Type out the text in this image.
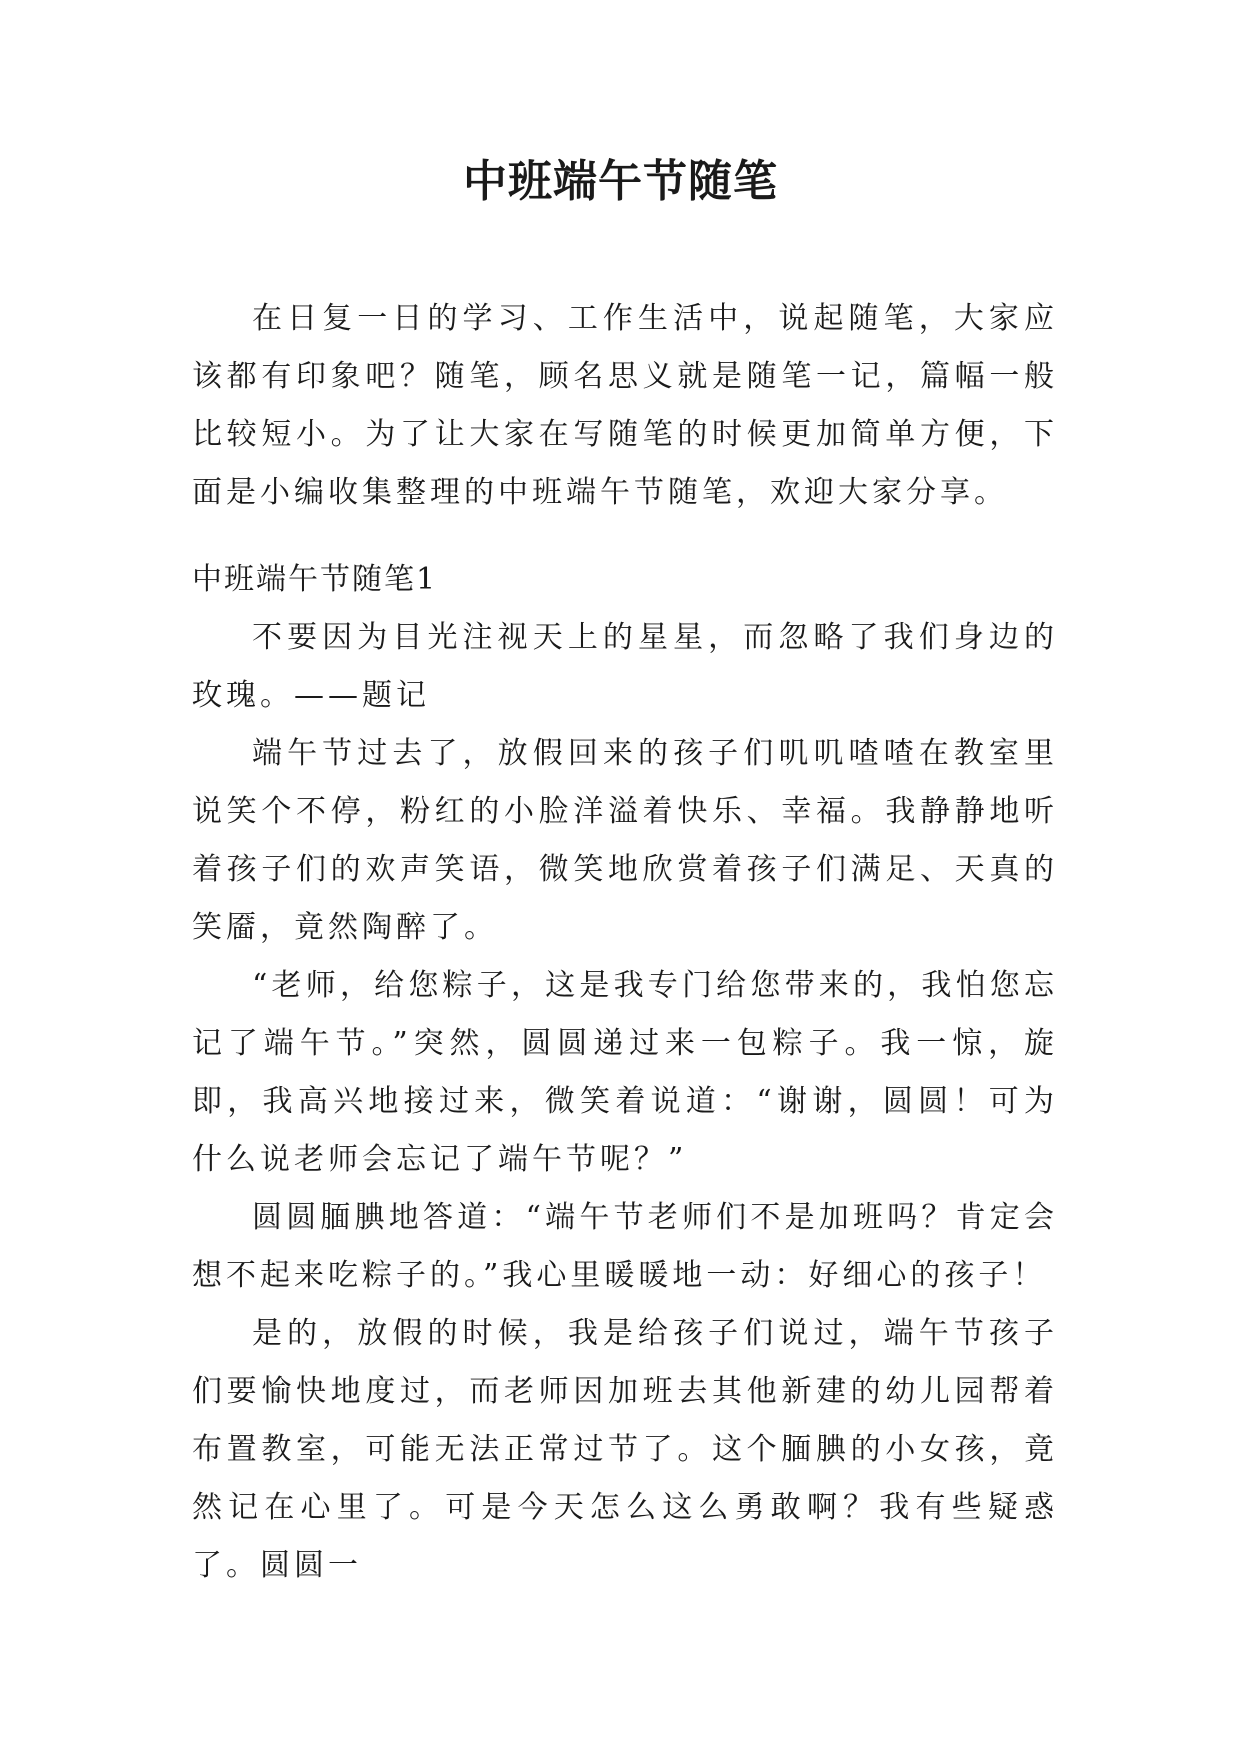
中班端午节随笔

在日复一日的学习、工作生活中，说起随笔，大家应该都有印象吧？随笔，顾名思义就是随笔一记，篇幅一般比较短小。为了让大家在写随笔的时候更加简单方便，下面是小编收集整理的中班端午节随笔，欢迎大家分享。

中班端午节随笔1

不要因为目光注视天上的星星，而忽略了我们身边的玫瑰。——题记

端午节过去了，放假回来的孩子们叽叽喳喳在教室里说笑个不停，粉红的小脸洋溢着快乐、幸福。我静静地听着孩子们的欢声笑语，微笑地欣赏着孩子们满足、天真的笑靥，竟然陶醉了。

“老师，给您粽子，这是我专门给您带来的，我怕您忘记了端午节。”突然，圆圆递过来一包粽子。我一惊，旋即，我高兴地接过来，微笑着说道：“谢谢，圆圆！可为什么说老师会忘记了端午节呢？”

圆圆腼腆地答道：“端午节老师们不是加班吗？肯定会想不起来吃粽子的。”我心里暖暖地一动：好细心的孩子！

是的，放假的时候，我是给孩子们说过，端午节孩子们要愉快地度过，而老师因加班去其他新建的幼儿园帮着布置教室，可能无法正常过节了。这个腼腆的小女孩，竟然记在心里了。可是今天怎么这么勇敢啊？我有些疑惑了。圆圆一
